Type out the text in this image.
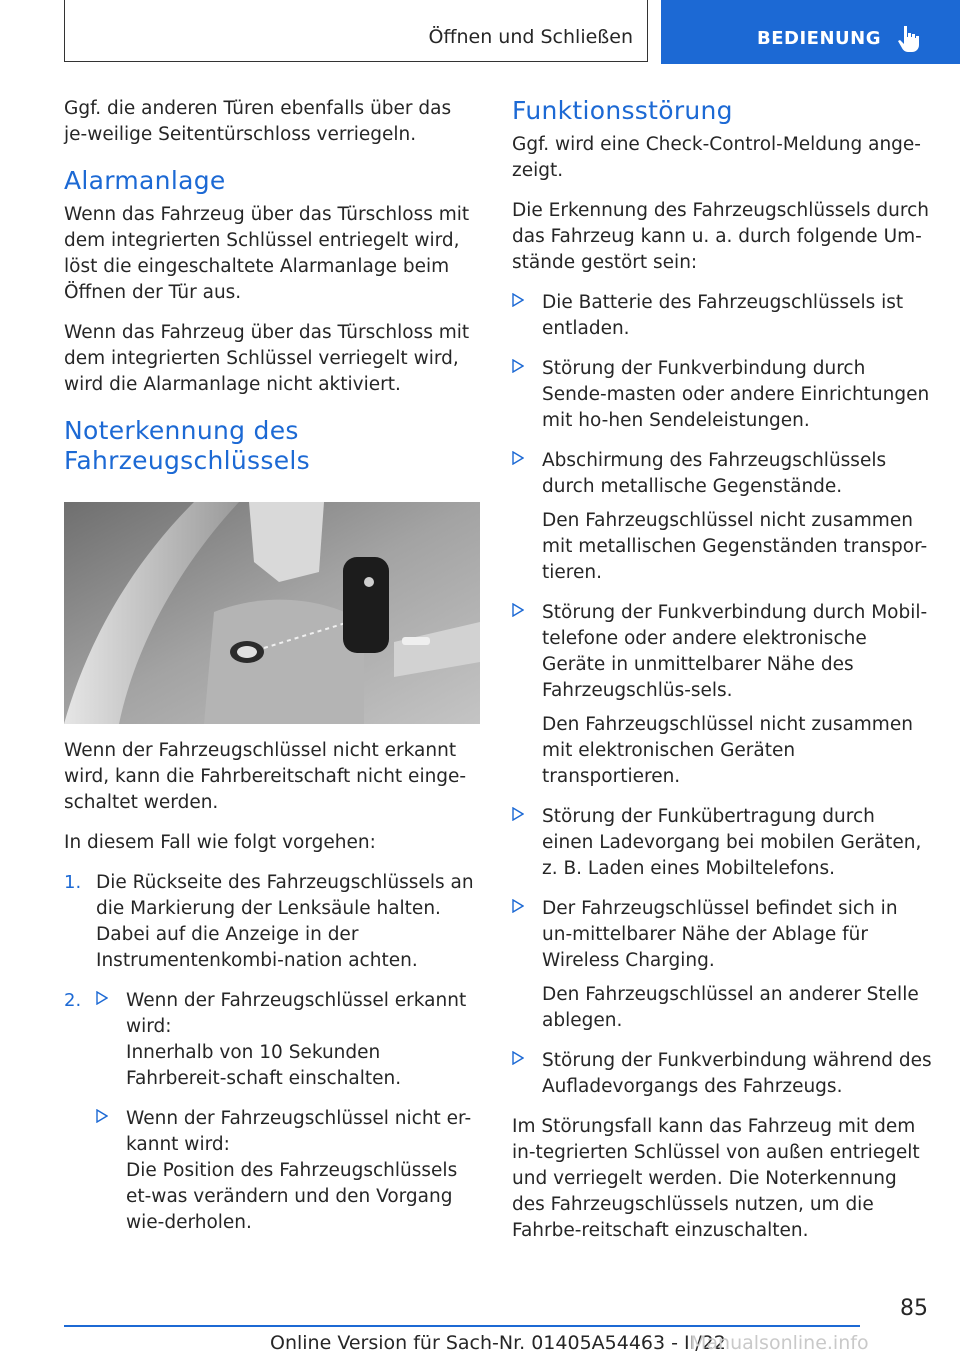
Öffnen und Schließen	BEDIENUNG

Ggf. die anderen Türen ebenfalls über das je-weilige Seitentürschloss verriegeln.

Alarmanlage

Wenn das Fahrzeug über das Türschloss mit dem integrierten Schlüssel entriegelt wird, löst die eingeschaltete Alarmanlage beim Öffnen der Tür aus.

Wenn das Fahrzeug über das Türschloss mit dem integrierten Schlüssel verriegelt wird, wird die Alarmanlage nicht aktiviert.

Noterkennung des Fahrzeugschlüssels

Wenn der Fahrzeugschlüssel nicht erkannt wird, kann die Fahrbereitschaft nicht einge-schaltet werden.

In diesem Fall wie folgt vorgehen:

1. Die Rückseite des Fahrzeugschlüssels an die Markierung der Lenksäule halten. Dabei auf die Anzeige in der Instrumentenkombi-nation achten.

2. Wenn der Fahrzeugschlüssel erkannt wird:

Innerhalb von 10 Sekunden Fahrbereit-schaft einschalten.

Wenn der Fahrzeugschlüssel nicht er-kannt wird:

Die Position des Fahrzeugschlüssels et-was verändern und den Vorgang wie-derholen.

Funktionsstörung

Ggf. wird eine Check-Control-Meldung ange-zeigt.

Die Erkennung des Fahrzeugschlüssels durch das Fahrzeug kann u. a. durch folgende Um-stände gestört sein:

Die Batterie des Fahrzeugschlüssels ist entladen.

Störung der Funkverbindung durch Sende-masten oder andere Einrichtungen mit ho-hen Sendeleistungen.

Abschirmung des Fahrzeugschlüssels durch metallische Gegenstände.

Den Fahrzeugschlüssel nicht zusammen mit metallischen Gegenständen transpor-tieren.

Störung der Funkverbindung durch Mobil-telefone oder andere elektronische Geräte in unmittelbarer Nähe des Fahrzeugschlüs-sels.

Den Fahrzeugschlüssel nicht zusammen mit elektronischen Geräten transportieren.

Störung der Funkübertragung durch einen Ladevorgang bei mobilen Geräten, z. B. Laden eines Mobiltelefons.

Der Fahrzeugschlüssel befindet sich in un-mittelbarer Nähe der Ablage für Wireless Charging.

Den Fahrzeugschlüssel an anderer Stelle ablegen.

Störung der Funkverbindung während des Aufladevorgangs des Fahrzeugs.

Im Störungsfall kann das Fahrzeug mit dem in-tegrierten Schlüssel von außen entriegelt und verriegelt werden. Die Noterkennung des Fahrzeugschlüssels nutzen, um die Fahrbe-reitschaft einzuschalten.

85
Online Version für Sach-Nr. 01405A54463 - II/22
Manualsonline.info
